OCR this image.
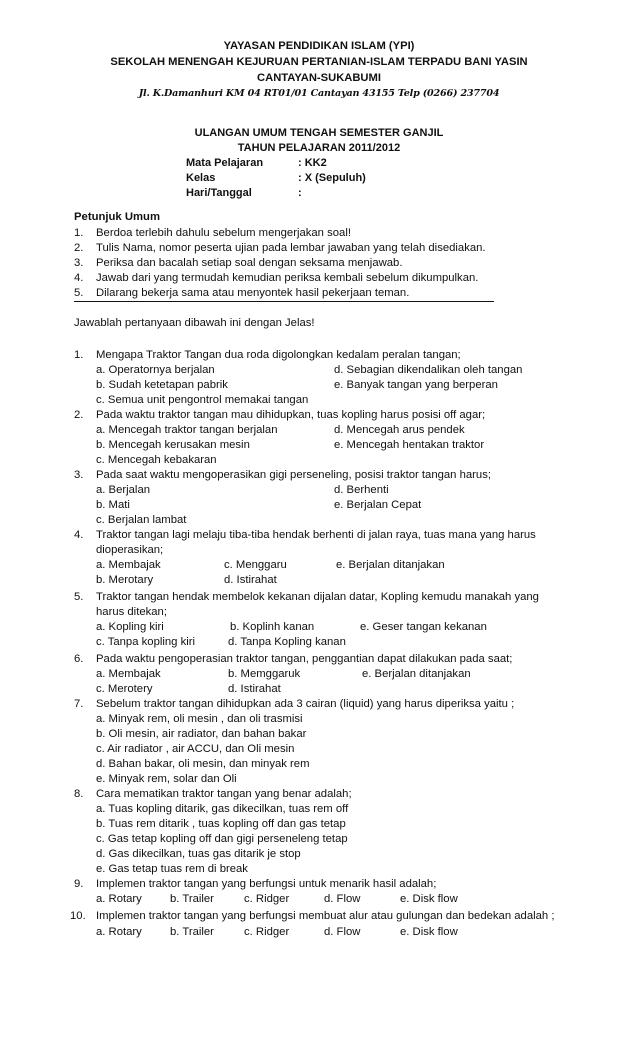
YAYASAN PENDIDIKAN ISLAM (YPI)
SEKOLAH MENENGAH KEJURUAN PERTANIAN-ISLAM TERPADU BANI YASIN
CANTAYAN-SUKABUMI
Jl. K.Damanhuri KM 04 RT01/01 Cantayan 43155 Telp (0266) 237704
ULANGAN UMUM TENGAH SEMESTER GANJIL
TAHUN PELAJARAN 2011/2012
Mata Pelajaran	: KK2
Kelas	: X (Sepuluh)
Hari/Tanggal	:
Petunjuk Umum
1. Berdoa terlebih dahulu sebelum mengerjakan soal!
2. Tulis Nama, nomor peserta ujian pada lembar jawaban yang telah disediakan.
3. Periksa dan bacalah setiap soal dengan seksama menjawab.
4. Jawab dari yang termudah kemudian periksa kembali sebelum dikumpulkan.
5. Dilarang bekerja sama atau menyontek hasil pekerjaan teman.
Jawablah pertanyaan dibawah ini dengan Jelas!
1. Mengapa Traktor Tangan dua roda digolongkan kedalam peralan tangan;
a. Operatornya berjalan	d. Sebagian dikendalikan oleh tangan
b. Sudah ketetapan pabrik	e. Banyak tangan yang berperan
c. Semua unit pengontrol memakai tangan
2. Pada waktu traktor tangan mau dihidupkan, tuas kopling harus posisi off agar;
a. Mencegah traktor tangan berjalan	d. Mencegah arus pendek
b. Mencegah kerusakan mesin	e. Mencegah hentakan traktor
c. Mencegah kebakaran
3. Pada saat waktu mengoperasikan gigi perseneling, posisi traktor tangan harus;
a. Berjalan	d. Berhenti
b. Mati	e. Berjalan Cepat
c. Berjalan lambat
4. Traktor tangan lagi melaju tiba-tiba hendak berhenti di jalan raya, tuas mana yang harus
dioperasikan;
a. Membajak	c. Menggaru	e. Berjalan ditanjakan
b. Merotary	d. Istirahat
5. Traktor tangan hendak membelok kekanan dijalan datar, Kopling kemudu manakah yang
harus ditekan;
a. Kopling kiri	b. Koplinh kanan	e. Geser tangan kekanan
c. Tanpa kopling kiri	d. Tanpa Kopling kanan
6. Pada waktu pengoperasian traktor tangan, penggantian dapat dilakukan pada saat;
a. Membajak	b. Memggaruk	e. Berjalan ditanjakan
c. Merotery	d. Istirahat
7. Sebelum traktor tangan dihidupkan ada 3 cairan (liquid) yang harus diperiksa yaitu ;
a. Minyak rem, oli mesin , dan oli trasmisi
b. Oli mesin, air radiator, dan bahan bakar
c. Air radiator , air ACCU, dan Oli mesin
d. Bahan bakar, oli mesin, dan minyak rem
e. Minyak rem, solar dan Oli
8. Cara mematikan traktor tangan yang benar adalah;
a. Tuas kopling ditarik, gas dikecilkan, tuas rem off
b. Tuas rem ditarik , tuas kopling off dan gas tetap
c. Gas tetap kopling off dan gigi perseneleng tetap
d. Gas dikecilkan, tuas gas ditarik je stop
e. Gas tetap tuas rem di break
9. Implemen traktor tangan yang berfungsi untuk menarik hasil adalah;
a. Rotary b. Trailer	c. Ridger	d. Flow	e. Disk flow
10. Implemen traktor tangan yang berfungsi membuat alur atau gulungan dan bedekan adalah ;
a. Rotary b. Trailer	c. Ridger	d. Flow	e. Disk flow
